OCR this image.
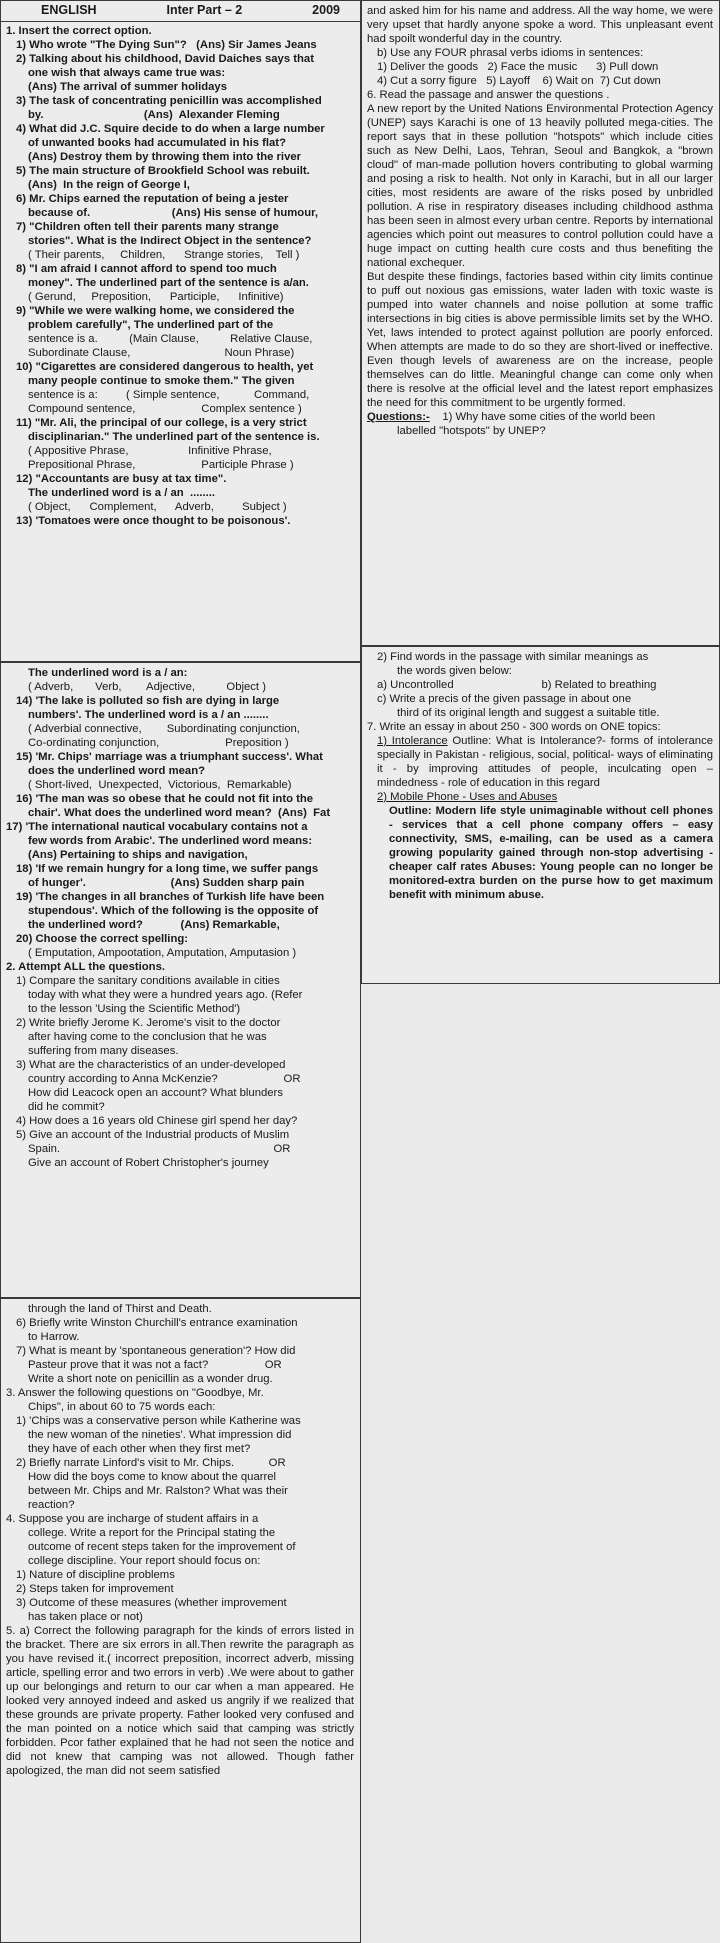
ENGLISH	Inter Part – 2	2009
1. Insert the correct option.
1) Who wrote "The Dying Sun"?   (Ans) Sir James Jeans
2) Talking about his childhood, David Daiches says that
one wish that always came true was:
(Ans) The arrival of summer holidays
3) The task of concentrating penicillin was accomplished
by.                                (Ans)  Alexander Fleming
4) What did J.C. Squire decide to do when a large number
of unwanted books had accumulated in his flat?
(Ans) Destroy them by throwing them into the river
5) The main structure of Brookfield School was rebuilt.
(Ans)  In the reign of George I,
6) Mr. Chips earned the reputation of being a jester
because of.                          (Ans) His sense of humour,
7) "Children often tell their parents many strange
stories". What is the Indirect Object in the sentence?
( Their parents,     Children,      Strange stories,    Tell )
8) "I am afraid I cannot afford to spend too much
money". The underlined part of the sentence is a/an.
( Gerund,     Preposition,      Participle,      Infinitive)
9) "While we were walking home, we considered the
problem carefully", The underlined part of the
sentence is a.          (Main Clause,          Relative Clause,
Subordinate Clause,                              Noun Phrase)
10) "Cigarettes are considered dangerous to health, yet
many people continue to smoke them." The given
sentence is a:         ( Simple sentence,           Command,
Compound sentence,                     Complex sentence )
11) "Mr. Ali, the principal of our college, is a very strict
disciplinarian." The underlined part of the sentence is.
( Appositive Phrase,                   Infinitive Phrase,
Prepositional Phrase,                     Participle Phrase )
12) "Accountants are busy at tax time".
The underlined word is a / an  ........
( Object,      Complement,      Adverb,         Subject )
13) 'Tomatoes were once thought to be poisonous'.
The underlined word is a / an:
( Adverb,       Verb,        Adjective,          Object )
14) 'The lake is polluted so fish are dying in large
numbers'. The underlined word is a / an ........
( Adverbial connective,        Subordinating conjunction,
Co-ordinating conjunction,                     Preposition )
15) 'Mr. Chips' marriage was a triumphant success'. What
does the underlined word mean?
( Short-lived,  Unexpected,  Victorious,  Remarkable)
16) 'The man was so obese that he could not fit into the
chair'. What does the underlined word mean?  (Ans)  Fat
17) 'The international nautical vocabulary contains not a
few words from Arabic'. The underlined word means:
(Ans) Pertaining to ships and navigation,
18) 'If we remain hungry for a long time, we suffer pangs
of hunger'.                           (Ans) Sudden sharp pain
19) 'The changes in all branches of Turkish life have been
stupendous'. Which of the following is the opposite of
the underlined word?            (Ans) Remarkable,
20) Choose the correct spelling:
( Emputation, Ampootation, Amputation, Amputasion )
2. Attempt ALL the questions.
1) Compare the sanitary conditions available in cities
today with what they were a hundred years ago. (Refer
to the lesson 'Using the Scientific Method')
2) Write briefly Jerome K. Jerome's visit to the doctor
after having come to the conclusion that he was
suffering from many diseases.
3) What are the characteristics of an under-developed
country according to Anna McKenzie?                     OR
How did Leacock open an account? What blunders
did he commit?
4) How does a 16 years old Chinese girl spend her day?
5) Give an account of the Industrial products of Muslim
Spain.                                                                    OR
Give an account of Robert Christopher's journey
through the land of Thirst and Death.
6) Briefly write Winston Churchill's entrance examination
to Harrow.
7) What is meant by 'spontaneous generation'? How did
Pasteur prove that it was not a fact?                  OR
Write a short note on penicillin as a wonder drug.
3. Answer the following questions on "Goodbye, Mr.
Chips", in about 60 to 75 words each:
1) 'Chips was a conservative person while Katherine was
the new woman of the nineties'. What impression did
they have of each other when they first met?
2) Briefly narrate Linford's visit to Mr. Chips.           OR
How did the boys come to know about the quarrel
between Mr. Chips and Mr. Ralston? What was their
reaction?
4. Suppose you are incharge of student affairs in a
college. Write a report for the Principal stating the
outcome of recent steps taken for the improvement of
college discipline. Your report should focus on:
1) Nature of discipline problems
2) Steps taken for improvement
3) Outcome of these measures (whether improvement
has taken place or not)
5. a) Correct the following paragraph for the kinds of errors listed in the bracket. There are six errors in all.Then rewrite the paragraph as you have revised it.( incorrect preposition, incorrect adverb, missing article, spelling error and two errors in verb) .We were about to gather up our belongings and return to our car when a man appeared. He looked very annoyed indeed and asked us angrily if we realized that these grounds are private property. Father looked very confused and the man pointed on a notice which said that camping was strictly forbidden. Pcor father explained that he had not seen the notice and did not knew that camping was not allowed. Though father apologized, the man did not seem satisfied
and asked him for his name and address. All the way home, we were very upset that hardly anyone spoke a word. This unpleasant event had spoilt wonderful day in the country.
b) Use any FOUR phrasal verbs idioms in sentences:
1) Deliver the goods   2) Face the music      3) Pull down
4) Cut a sorry figure   5) Layoff    6) Wait on  7) Cut down
6. Read the passage and answer the questions .
A new report by the United Nations Environmental Protection Agency (UNEP) says Karachi is one of 13 heavily polluted mega-cities. The report says that in these pollution "hotspots" which include cities such as New Delhi, Laos, Tehran, Seoul and Bangkok, a "brown cloud" of man-made pollution hovers contributing to global warming and posing a risk to health. Not only in Karachi, but in all our larger cities, most residents are aware of the risks posed by unbridled pollution. A rise in respiratory diseases including childhood asthma has been seen in almost every urban centre. Reports by international agencies which point out measures to control pollution could have a huge impact on cutting health cure costs and thus benefiting the national exchequer.
But despite these findings, factories based within city limits continue to puff out noxious gas emissions, water laden with toxic waste is pumped into water channels and noise pollution at some traffic intersections in big cities is above permissible limits set by the WHO. Yet, laws intended to protect against pollution are poorly enforced. When attempts are made to do so they are short-lived or ineffective. Even though levels of awareness are on the increase, people themselves can do little. Meaningful change can come only when there is resolve at the official level and the latest report emphasizes the need for this commitment to be urgently formed.
Questions:-    1) Why have some cities of the world been
labelled "hotspots" by UNEP?
2) Find words in the passage with similar meanings as
the words given below:
a) Uncontrolled                            b) Related to breathing
c) Write a precis of the given passage in about one
third of its original length and suggest a suitable title.
7. Write an essay in about 250 - 300 words on ONE topics:
1) Intolerance Outline: What is Intolerance?- forms of intolerance specially in Pakistan - religious, social, political- ways of eliminating it - by improving attitudes of people, inculcating open – mindedness - role of education in this regard
2) Mobile Phone - Uses and Abuses
Outline: Modern life style unimaginable without cell phones - services that a cell phone company offers – easy connectivity, SMS, e-mailing, can be used as a camera growing popularity gained through non-stop advertising - cheaper calf rates Abuses: Young people can no longer be monitored-extra burden on the purse how to get maximum benefit with minimum abuse.
